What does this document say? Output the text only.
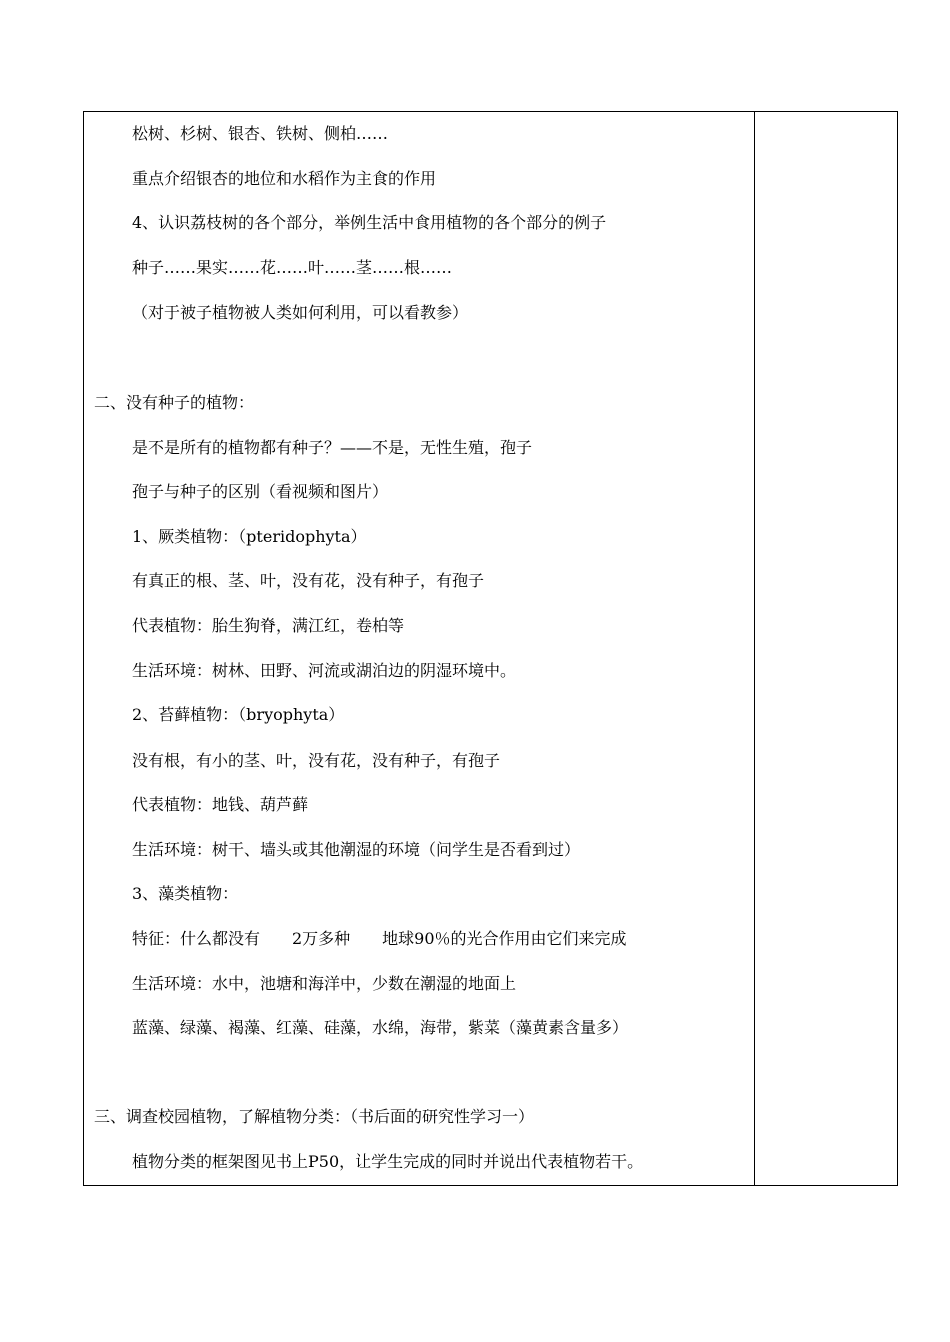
松树、杉树、银杏、铁树、侧柏……
重点介绍银杏的地位和水稻作为主食的作用
4、认识荔枝树的各个部分，举例生活中食用植物的各个部分的例子
种子……果实……花……叶……茎……根……
（对于被子植物被人类如何利用，可以看教参）
二、没有种子的植物：
是不是所有的植物都有种子？——不是，无性生殖，孢子
孢子与种子的区别（看视频和图片）
1、厥类植物：（pteridophyta）
有真正的根、茎、叶，没有花，没有种子，有孢子
代表植物：胎生狗脊，满江红，卷柏等
生活环境：树林、田野、河流或湖泊边的阴湿环境中。
2、苔藓植物：（bryophyta）
没有根，有小的茎、叶，没有花，没有种子，有孢子
代表植物：地钱、葫芦藓
生活环境：树干、墙头或其他潮湿的环境（问学生是否看到过）
3、藻类植物：
特征：什么都没有　　2万多种　　地球90％的光合作用由它们来完成
生活环境：水中，池塘和海洋中，少数在潮湿的地面上
蓝藻、绿藻、褐藻、红藻、硅藻，水绵，海带，紫菜（藻黄素含量多）
三、调查校园植物，了解植物分类：（书后面的研究性学习一）
植物分类的框架图见书上P50，让学生完成的同时并说出代表植物若干。
